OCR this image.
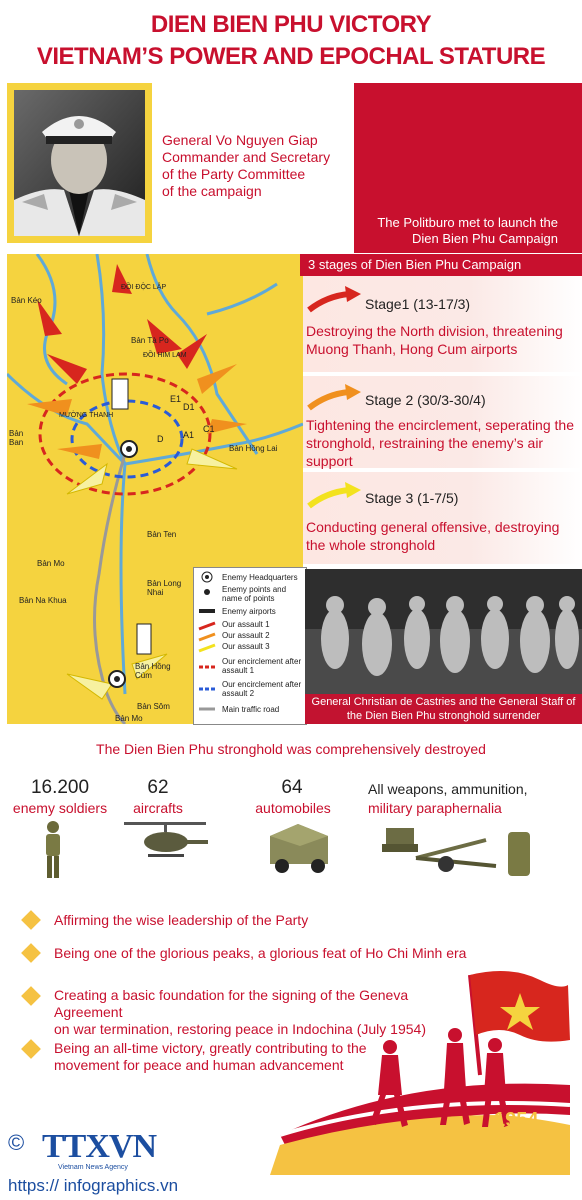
DIEN BIEN PHU VICTORY
VIETNAM’S POWER AND EPOCHAL STATURE
General Vo Nguyen Giap
Commander and Secretary
of the Party Committee
of the campaign
The Politburo met to launch the
Dien Bien Phu Campaign
ĐỒI ĐỘC LẬP
Bản Kéo
Bản Tà Po
ĐỒI HIM LAM
MƯỜNG THANH
Bản Ban
Bản Hồng Lai
Bản Mo
Bản Ten
Bản Long Nhai
Bản Na Khua
Bản Hồng Cúm
Bản Sôm
Bản Mo
E1
D1
D A1
C1
Enemy Headquarters
Enemy points and name of points
Enemy airports
Our assault 1
Our assault 2
Our assault 3
Our encirclement after assault 1
Our encirclement after assault 2
Main traffic road
3 stages of Dien Bien Phu Campaign
Stage1 (13-17/3)
Destroying the North division, threatening
Muong Thanh, Hong Cum airports
Stage 2 (30/3-30/4)
Tightening the encirclement, seperating the
stronghold, restraining the enemy’s air support
Stage 3 (1-7/5)
Conducting general offensive, destroying
the whole stronghold
General Christian de Castries and the General Staff of
the Dien Bien Phu stronghold surrender
The Dien Bien Phu stronghold was comprehensively destroyed
16.200
enemy soldiers
62
aircrafts
64
automobiles
All weapons, ammunition,
military paraphernalia
Affirming the wise leadership of the Party
Being one of the glorious peaks, a glorious feat of Ho Chi Minh era
Creating a basic foundation for the signing of the Geneva Agreement
on war termination, restoring peace in Indochina (July 1954)
Being an all-time victory, greatly contributing to the
movement for peace and human advancement
1954
© TTXVN
Vietnam News Agency
https:// infographics.vn
